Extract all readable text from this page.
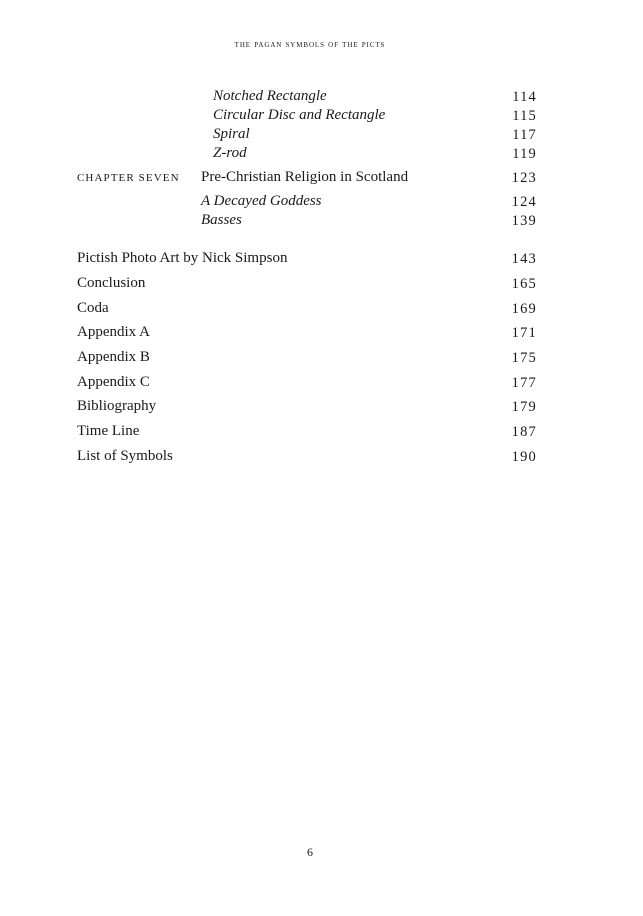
the pagan symbols of the picts
Notched Rectangle	114
Circular Disc and Rectangle	115
Spiral	117
Z-rod	119
CHAPTER SEVEN Pre-Christian Religion in Scotland	123
A Decayed Goddess	124
Basses	139
Pictish Photo Art by Nick Simpson	143
Conclusion	165
Coda	169
Appendix A	171
Appendix B	175
Appendix C	177
Bibliography	179
Time Line	187
List of Symbols	190
6
